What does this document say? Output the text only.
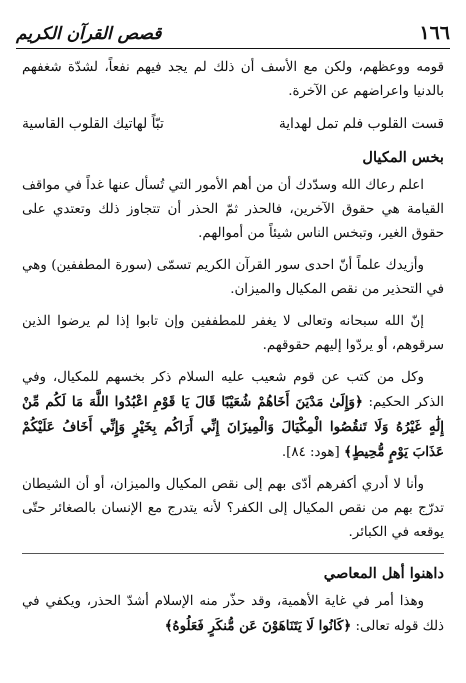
قصص القرآن الكريم	١٦٦

قومه ووعظهم، ولكن مع الأسف أن ذلك لم يجد فيهم نفعاً، لشدّة شغفهم بالدنيا واعراضهم عن الآخرة.

قست القلوب فلم تمل لهداية
تبّاً لهاتيك القلوب القاسية
بخس المكيال

اعلم رعاك الله وسدّدك أن من أهم الأمور التي تُسأل عنها غداً في مواقف القيامة هي حقوق الآخرين، فالحذر ثمّ الحذر أن تتجاوز ذلك وتعتدي على حقوق الغير، وتبخس الناس شيئاً من أموالهم.

وأزيدك علماً أنّ احدى سور القرآن الكريم تسمّى (سورة المطففين) وهي في التحذير من نقص المكيال والميزان.

إنّ الله سبحانه وتعالى لا يغفر للمطففين وإن تابوا إذا لم يرضوا الذين سرقوهم، أو يردّوا إليهم حقوقهم.

وكل من كتب عن قوم شعيب عليه السلام ذكر بخسهم للمكيال، وفي الذكر الحكيم: ﴿وَإِلَىٰ مَدْيَنَ أَخَاهُمْ شُعَيْبًا قَالَ يَا قَوْمِ اعْبُدُوا اللَّهَ مَا لَكُم مِّنْ إِلَٰهٍ غَيْرُهُ وَلَا تَنقُصُوا الْمِكْيَالَ وَالْمِيزَانَ إِنِّي أَرَاكُم بِخَيْرٍ وَإِنِّي أَخَافُ عَلَيْكُمْ عَذَابَ يَوْمٍ مُّحِيطٍ﴾ [هود: ٨٤].

وأنا لا أدري أكفرهم أدّى بهم إلى نقص المكيال والميزان، أو أن الشيطان تدرّج بهم من نقص المكيال إلى الكفر؟ لأنه يتدرج مع الإنسان بالصغائر حتّى يوقعه في الكبائر.

داهنوا أهل المعاصي

وهذا أمر في غاية الأهمية، وقد حذّر منه الإسلام أشدّ الحذر، ويكفي في ذلك قوله تعالى: ﴿كَانُوا لَا يَتَنَاهَوْنَ عَن مُّنكَرٍ فَعَلُوهُ﴾
